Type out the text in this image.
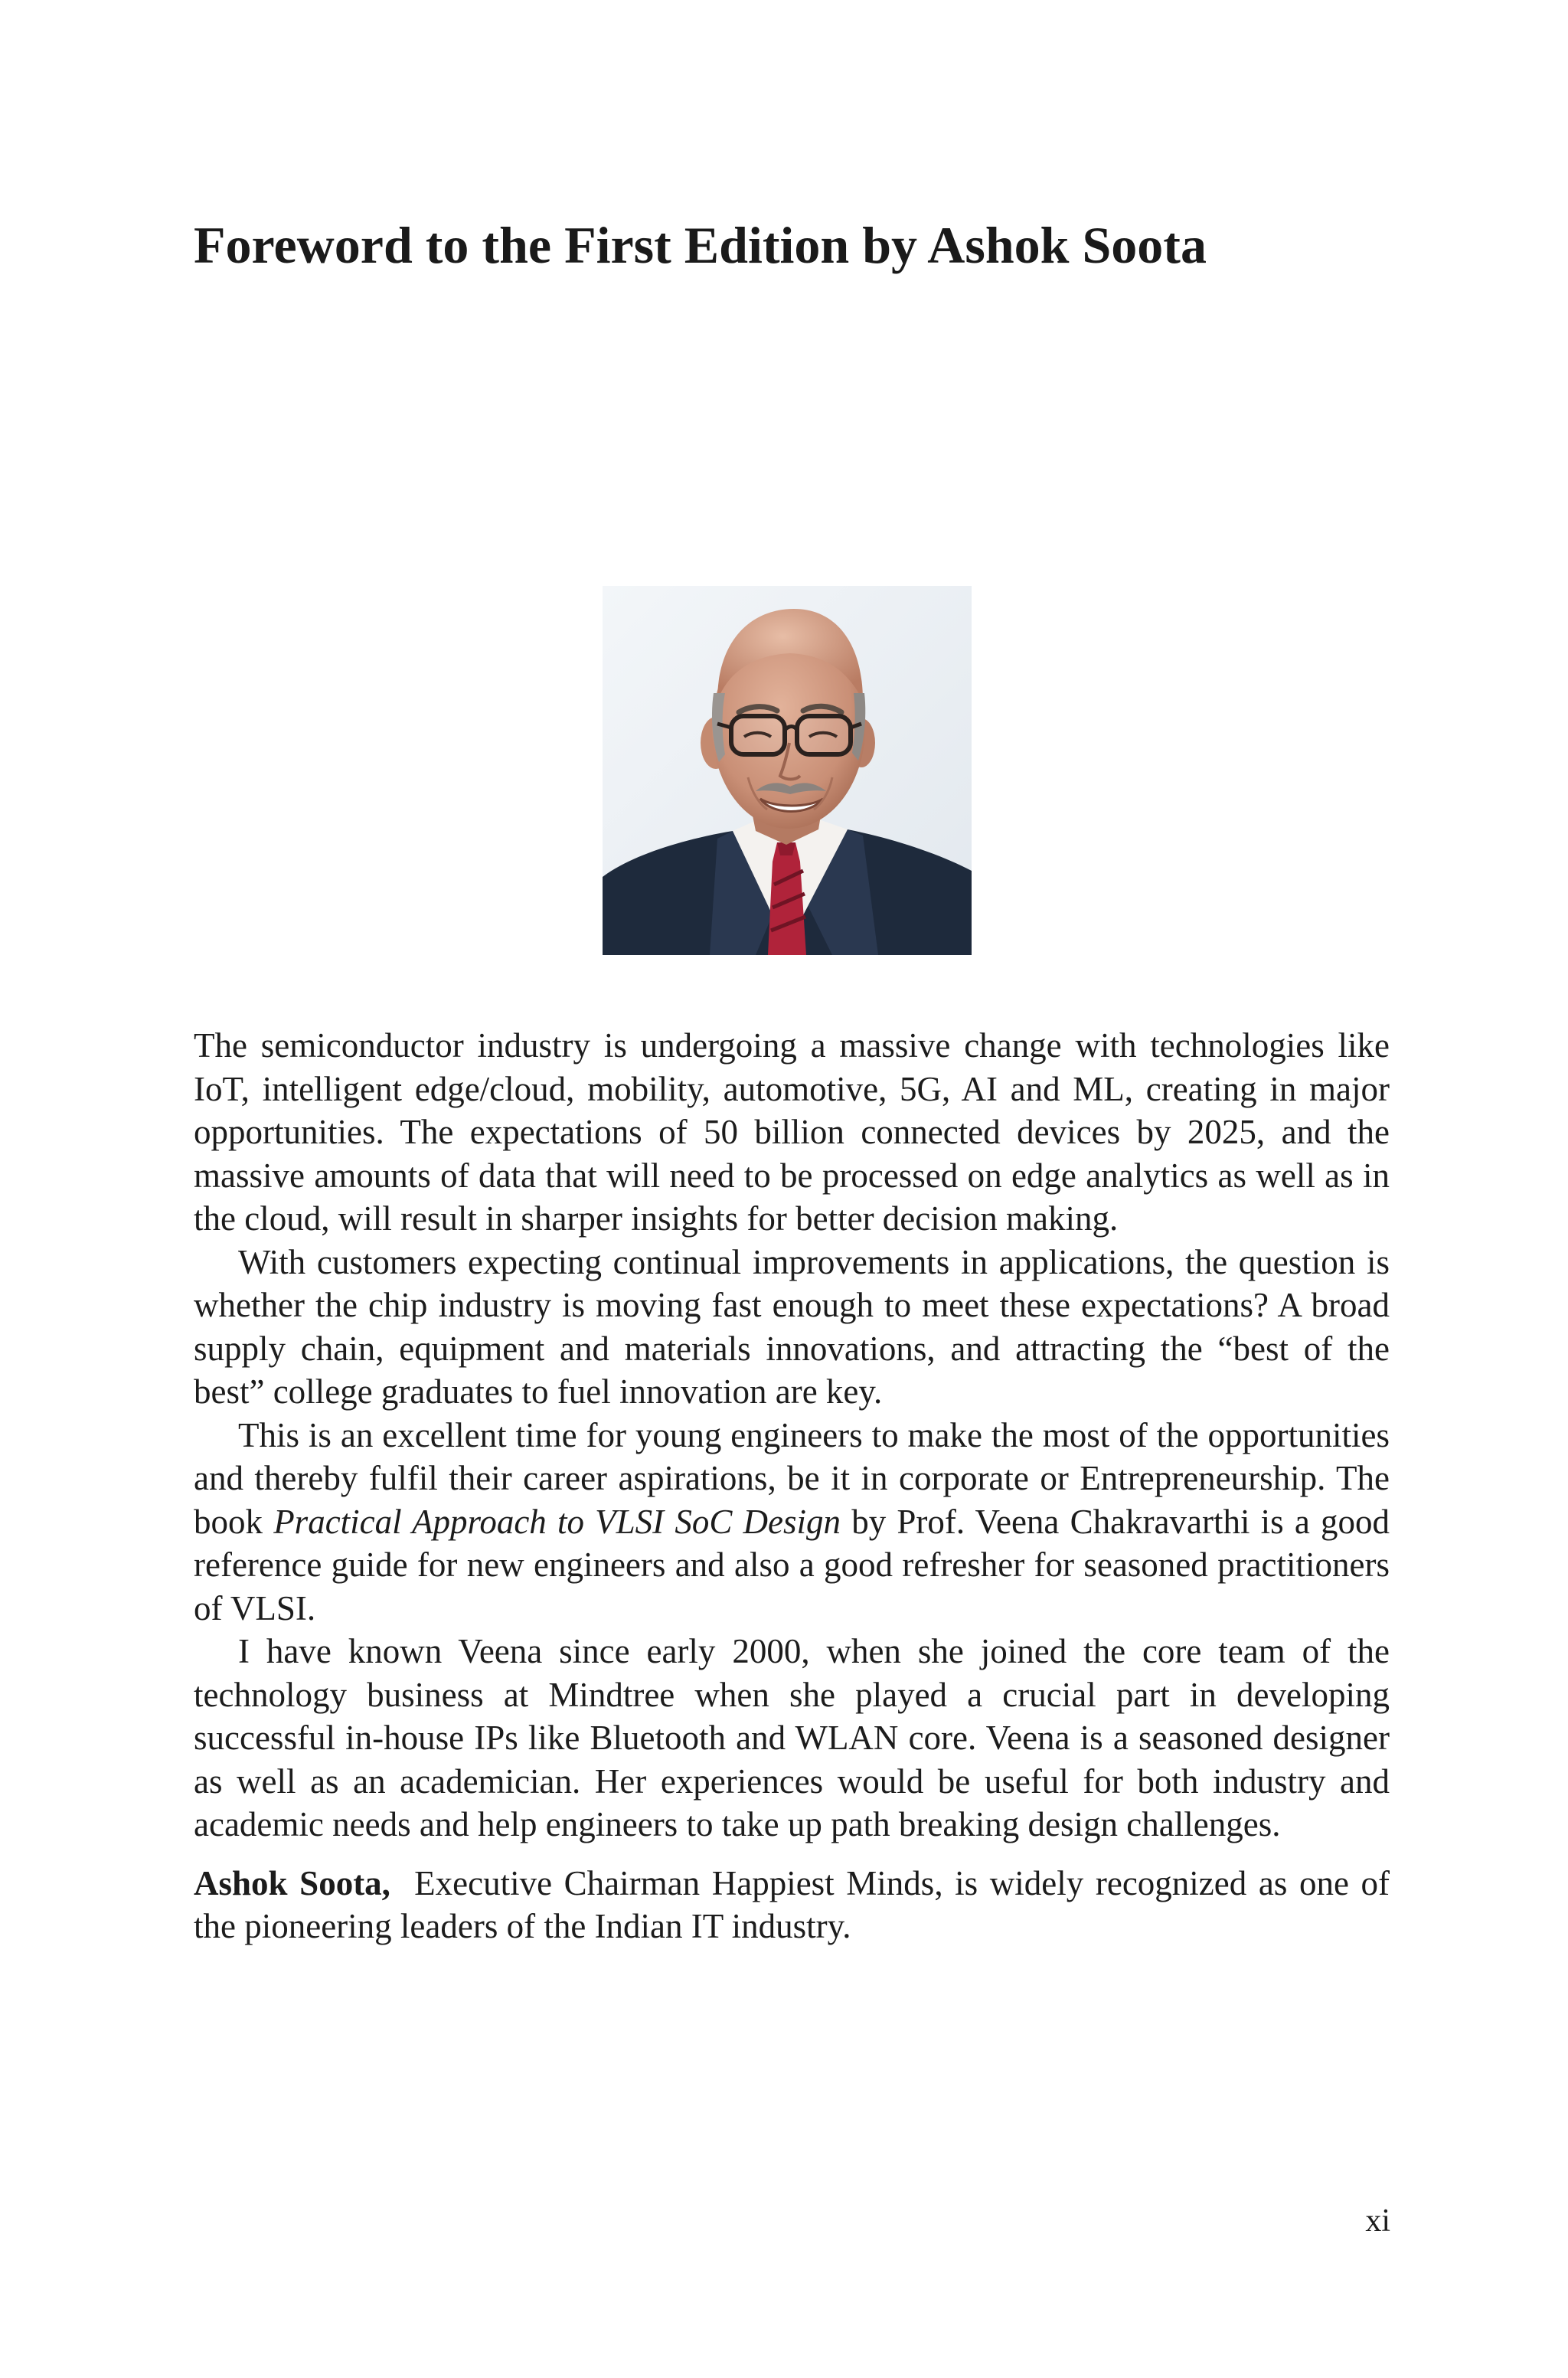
Foreword to the First Edition by Ashok Soota

The semiconductor industry is undergoing a massive change with technologies like IoT, intelligent edge/cloud, mobility, automotive, 5G, AI and ML, creating in major opportunities. The expectations of 50 billion connected devices by 2025, and the massive amounts of data that will need to be processed on edge analytics as well as in the cloud, will result in sharper insights for better decision making.

With customers expecting continual improvements in applications, the question is whether the chip industry is moving fast enough to meet these expectations? A broad supply chain, equipment and materials innovations, and attracting the “best of the best” college graduates to fuel innovation are key.

This is an excellent time for young engineers to make the most of the opportunities and thereby fulfil their career aspirations, be it in corporate or Entrepreneurship. The book Practical Approach to VLSI SoC Design by Prof. Veena Chakravarthi is a good reference guide for new engineers and also a good refresher for seasoned practitioners of VLSI.

I have known Veena since early 2000, when she joined the core team of the technology business at Mindtree when she played a crucial part in developing successful in-house IPs like Bluetooth and WLAN core. Veena is a seasoned designer as well as an academician. Her experiences would be useful for both industry and academic needs and help engineers to take up path breaking design challenges.

Ashok Soota, Executive Chairman Happiest Minds, is widely recognized as one of the pioneering leaders of the Indian IT industry.

xi
